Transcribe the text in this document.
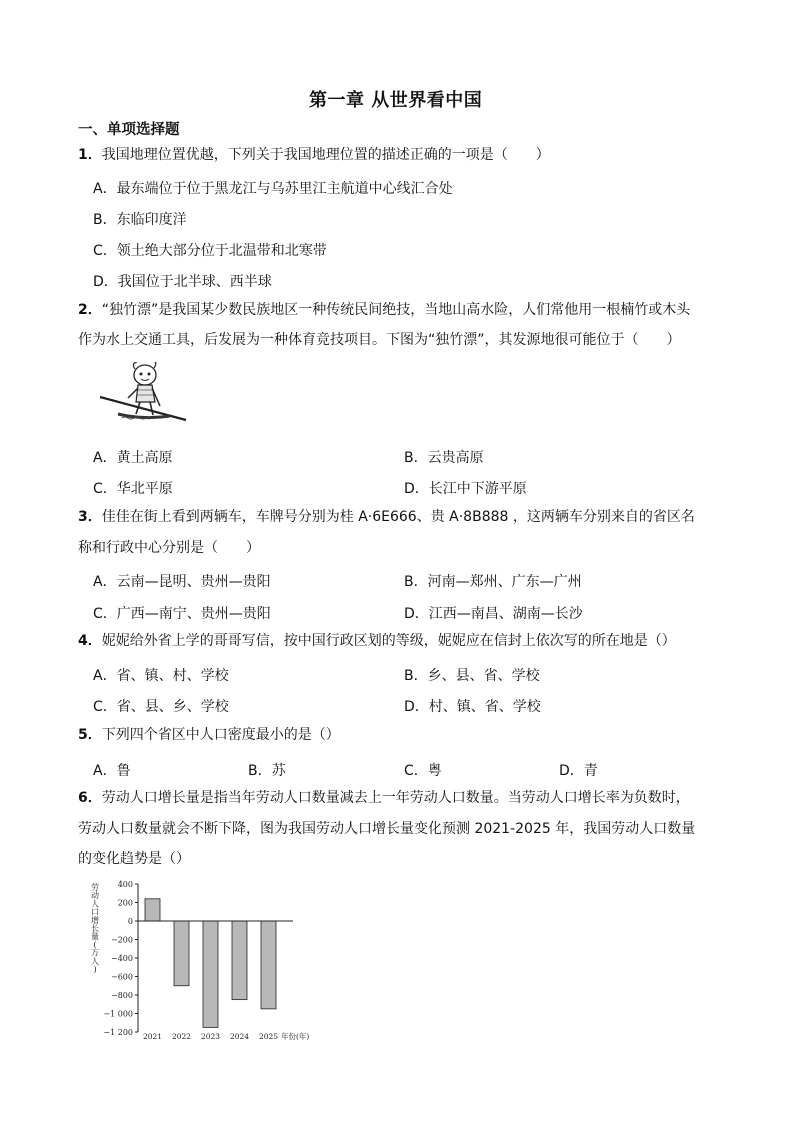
第一章 从世界看中国
一、单项选择题
1．我国地理位置优越，下列关于我国地理位置的描述正确的一项是（　　）
A．最东端位于位于黑龙江与乌苏里江主航道中心线汇合处
B．东临印度洋
C．领土绝大部分位于北温带和北寒带
D．我国位于北半球、西半球
2．“独竹漂”是我国某少数民族地区一种传统民间绝技，当地山高水险，人们常他用一根楠竹或木头
作为水上交通工具，后发展为一种体育竞技项目。下图为“独竹漂”，其发源地很可能位于（　　）
A．黄土高原	B．云贵高原
C．华北平原	D．长江中下游平原
3．佳佳在街上看到两辆车，车牌号分别为桂 A·6E666、贵 A·8B888 ，这两辆车分别来自的省区名
称和行政中心分别是（　　）
A．云南—昆明、贵州—贵阳	B．河南—郑州、广东—广州
C．广西—南宁、贵州—贵阳	D．江西—南昌、湖南—长沙
4．妮妮给外省上学的哥哥写信，按中国行政区划的等级，妮妮应在信封上依次写的所在地是（）
A．省、镇、村、学校	B．乡、县、省、学校
C．省、县、乡、学校	D．村、镇、省、学校
5．下列四个省区中人口密度最小的是（）
A．鲁	B．苏	C．粤	D．青
6．劳动人口增长量是指当年劳动人口数量减去上一年劳动人口数量。当劳动人口增长率为负数时，
劳动人口数量就会不断下降，图为我国劳动人口增长量变化预测 2021-2025 年，我国劳动人口数量
的变化趋势是（）
400
200
0
−200
−400
−600
−800
−1 000
−1 200
劳
动
人
口
增
长
量
(
万
人
)
2021 2022 2023 2024 2025 年份(年)
